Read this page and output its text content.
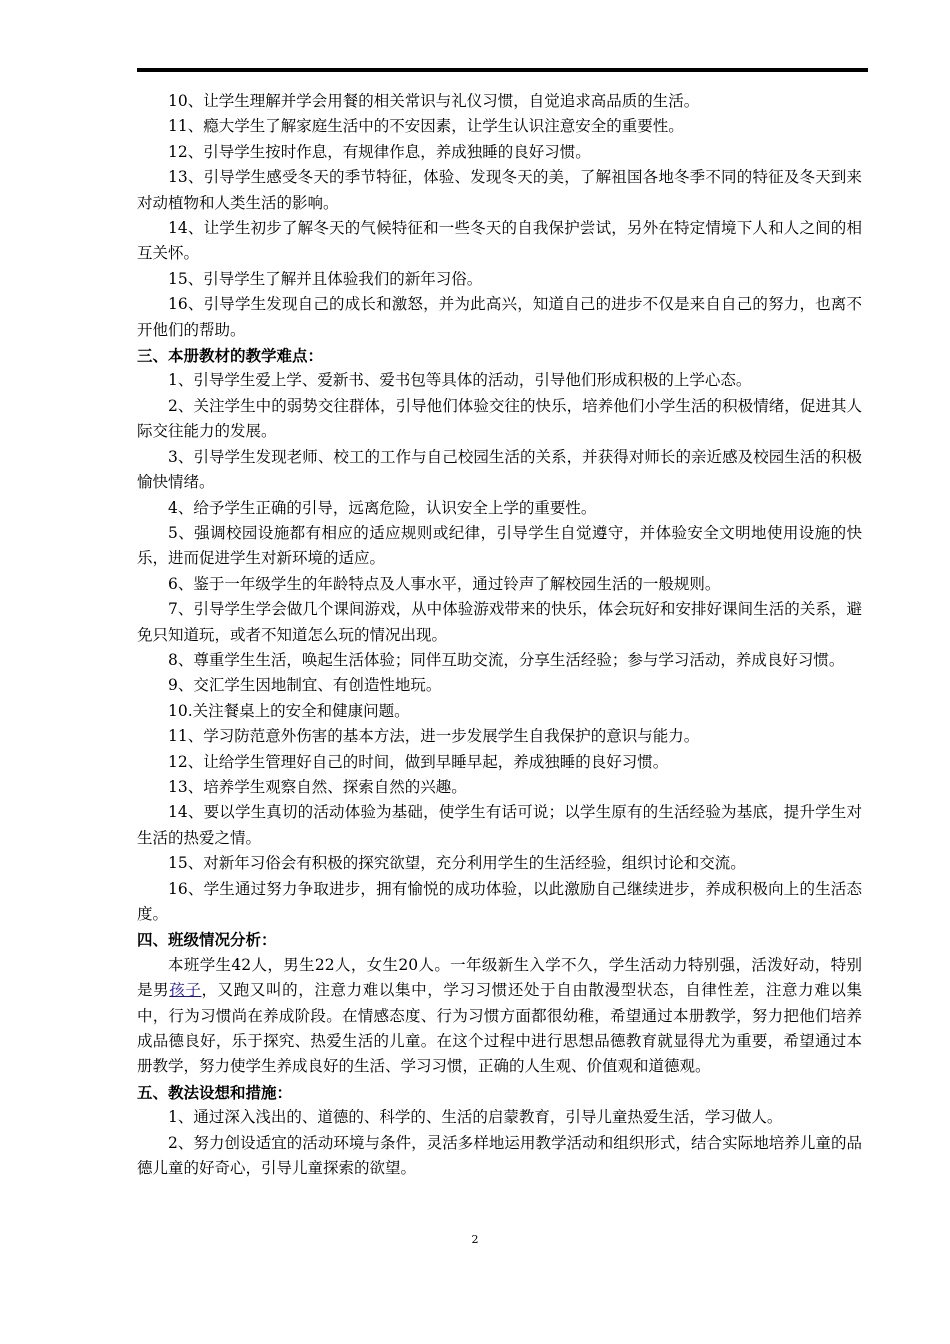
10、让学生理解并学会用餐的相关常识与礼仪习惯，自觉追求高品质的生活。

11、瘾大学生了解家庭生活中的不安因素，让学生认识注意安全的重要性。

12、引导学生按时作息，有规律作息，养成独睡的良好习惯。

13、引导学生感受冬天的季节特征，体验、发现冬天的美，了解祖国各地冬季不同的特征及冬天到来对动植物和人类生活的影响。

14、让学生初步了解冬天的气候特征和一些冬天的自我保护尝试，另外在特定情境下人和人之间的相互关怀。

15、引导学生了解并且体验我们的新年习俗。

16、引导学生发现自己的成长和激怒，并为此高兴，知道自己的进步不仅是来自自己的努力，也离不开他们的帮助。

三、本册教材的教学难点：

1、引导学生爱上学、爱新书、爱书包等具体的活动，引导他们形成积极的上学心态。

2、关注学生中的弱势交往群体，引导他们体验交往的快乐，培养他们小学生活的积极情绪，促进其人际交往能力的发展。

3、引导学生发现老师、校工的工作与自己校园生活的关系，并获得对师长的亲近感及校园生活的积极愉快情绪。

4、给予学生正确的引导，远离危险，认识安全上学的重要性。

5、强调校园设施都有相应的适应规则或纪律，引导学生自觉遵守，并体验安全文明地使用设施的快乐，进而促进学生对新环境的适应。

6、鉴于一年级学生的年龄特点及人事水平，通过铃声了解校园生活的一般规则。

7、引导学生学会做几个课间游戏，从中体验游戏带来的快乐，体会玩好和安排好课间生活的关系，避免只知道玩，或者不知道怎么玩的情况出现。

8、尊重学生生活，唤起生活体验；同伴互助交流，分享生活经验；参与学习活动，养成良好习惯。

9、交汇学生因地制宜、有创造性地玩。

10.关注餐桌上的安全和健康问题。

11、学习防范意外伤害的基本方法，进一步发展学生自我保护的意识与能力。

12、让给学生管理好自己的时间，做到早睡早起，养成独睡的良好习惯。

13、培养学生观察自然、探索自然的兴趣。

14、要以学生真切的活动体验为基础，使学生有话可说；以学生原有的生活经验为基底，提升学生对生活的热爱之情。

15、对新年习俗会有积极的探究欲望，充分利用学生的生活经验，组织讨论和交流。

16、学生通过努力争取进步，拥有愉悦的成功体验，以此激励自己继续进步，养成积极向上的生活态度。

四、班级情况分析：

本班学生42人，男生22人，女生20人。一年级新生入学不久，学生活动力特别强，活泼好动，特别是男孩子，又跑又叫的，注意力难以集中，学习习惯还处于自由散漫型状态，自律性差，注意力难以集中，行为习惯尚在养成阶段。在情感态度、行为习惯方面都很幼稚，希望通过本册教学，努力把他们培养成品德良好，乐于探究、热爱生活的儿童。在这个过程中进行思想品德教育就显得尤为重要，希望通过本册教学，努力使学生养成良好的生活、学习习惯，正确的人生观、价值观和道德观。

五、教法设想和措施：

1、通过深入浅出的、道德的、科学的、生活的启蒙教育，引导儿童热爱生活，学习做人。

2、努力创设适宜的活动环境与条件，灵活多样地运用教学活动和组织形式，结合实际地培养儿童的品德儿童的好奇心，引导儿童探索的欲望。

2
